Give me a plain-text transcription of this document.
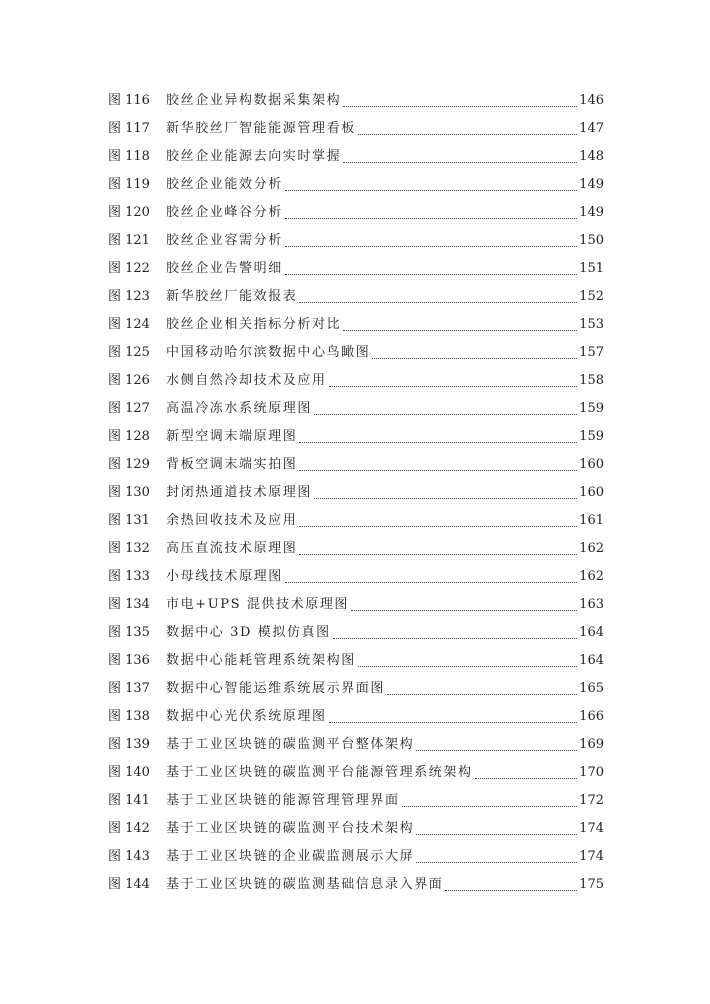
图 116	胶丝企业异构数据采集架构	146
图 117	新华胶丝厂智能能源管理看板	147
图 118	胶丝企业能源去向实时掌握	148
图 119	胶丝企业能效分析	149
图 120	胶丝企业峰谷分析	149
图 121	胶丝企业容需分析	150
图 122	胶丝企业告警明细	151
图 123	新华胶丝厂能效报表	152
图 124	胶丝企业相关指标分析对比	153
图 125	中国移动哈尔滨数据中心鸟瞰图	157
图 126	水侧自然冷却技术及应用	158
图 127	高温冷冻水系统原理图	159
图 128	新型空调末端原理图	159
图 129	背板空调末端实拍图	160
图 130	封闭热通道技术原理图	160
图 131	余热回收技术及应用	161
图 132	高压直流技术原理图	162
图 133	小母线技术原理图	162
图 134	市电+UPS 混供技术原理图	163
图 135	数据中心 3D 模拟仿真图	164
图 136	数据中心能耗管理系统架构图	164
图 137	数据中心智能运维系统展示界面图	165
图 138	数据中心光伏系统原理图	166
图 139	基于工业区块链的碳监测平台整体架构	169
图 140	基于工业区块链的碳监测平台能源管理系统架构	170
图 141	基于工业区块链的能源管理管理界面	172
图 142	基于工业区块链的碳监测平台技术架构	174
图 143	基于工业区块链的企业碳监测展示大屏	174
图 144	基于工业区块链的碳监测基础信息录入界面	175
